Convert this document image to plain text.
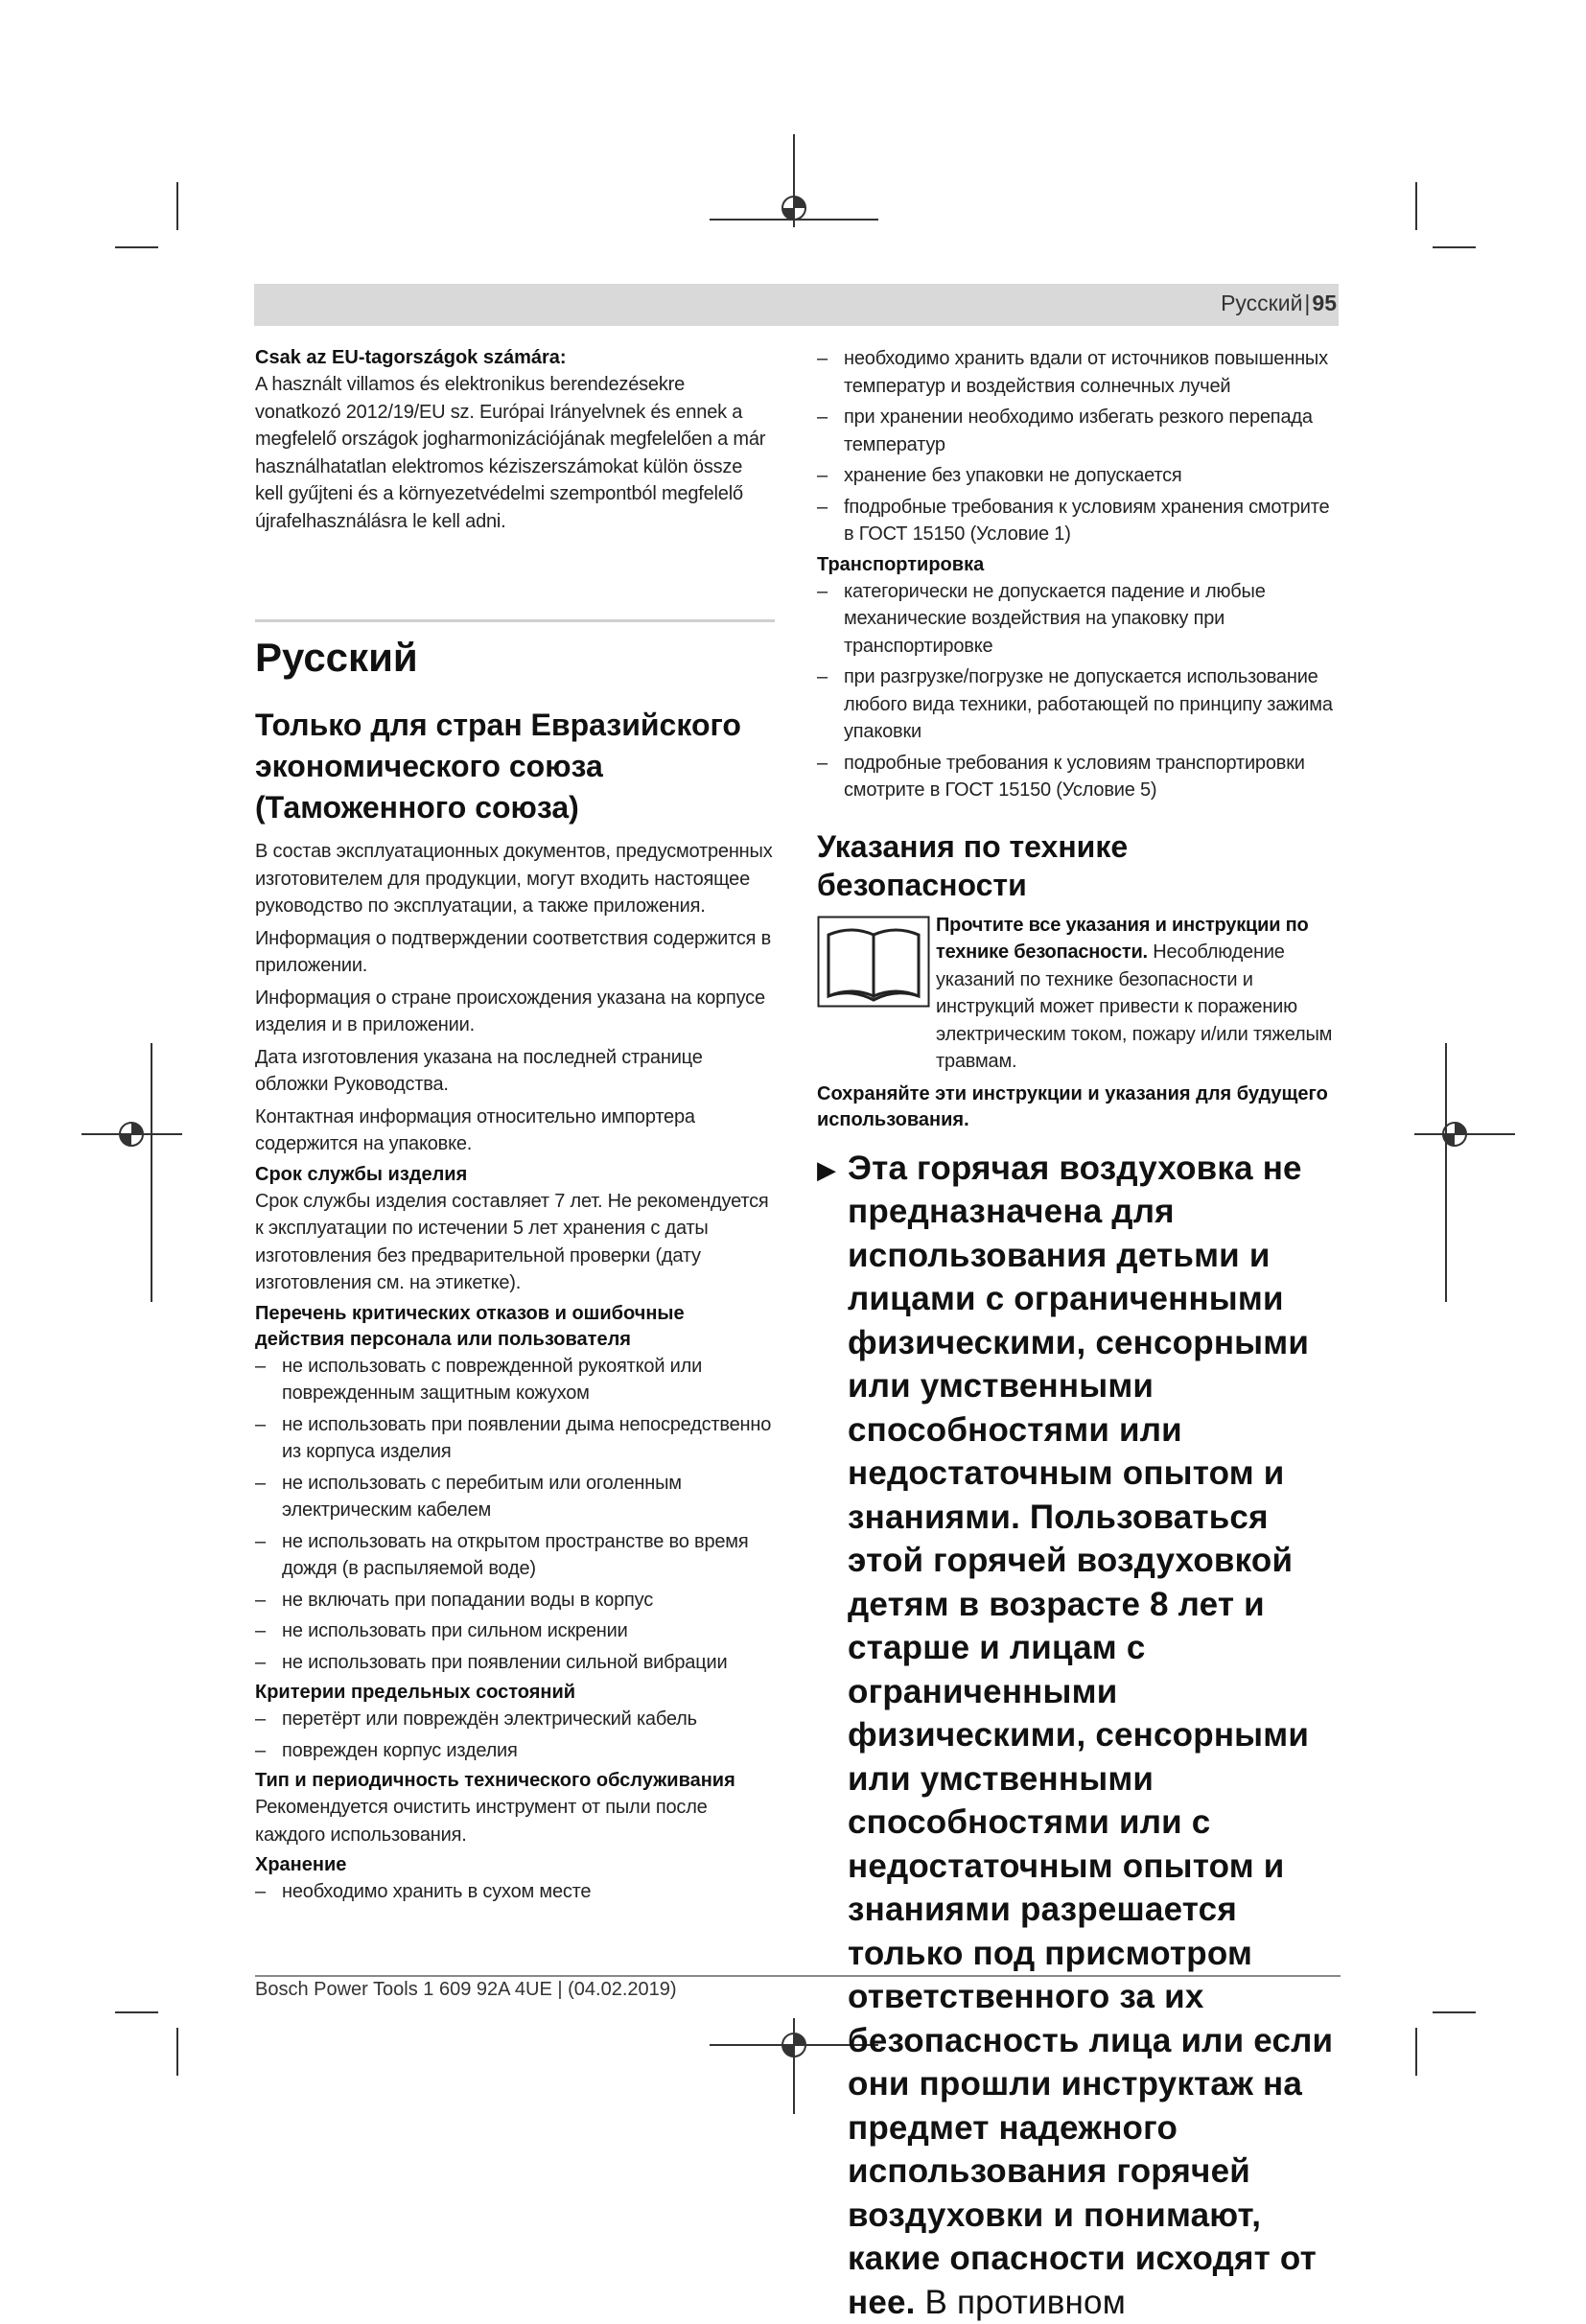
Русский|95

Csak az EU-tagországok számára:

A használt villamos és elektronikus berendezésekre vonatkozó 2012/19/EU sz. Európai Irányelvnek és ennek a megfelelő országok jogharmonizációjának megfelelően a már használhatatlan elektromos kéziszerszámokat külön össze kell gyűjteni és a környezetvédelmi szempontból megfelelő újrafelhasználásra le kell adni.

Русский
Только для стран Евразийского экономического союза (Таможенного союза)

В состав эксплуатационных документов, предусмотренных изготовителем для продукции, могут входить настоящее руководство по эксплуатации, а также приложения.

Информация о подтверждении соответствия содержится в приложении.

Информация о стране происхождения указана на корпусе изделия и в приложении.

Дата изготовления указана на последней странице обложки Руководства.

Контактная информация относительно импортера содержится на упаковке.

Срок службы изделия

Срок службы изделия составляет 7 лет. Не рекомендуется к эксплуатации по истечении 5 лет хранения с даты изготовления без предварительной проверки (дату изготовления см. на этикетке).

Перечень критических отказов и ошибочные действия персонала или пользователя

– не использовать с поврежденной рукояткой или поврежденным защитным кожухом
– не использовать при появлении дыма непосредственно из корпуса изделия
– не использовать с перебитым или оголенным электрическим кабелем
– не использовать на открытом пространстве во время дождя (в распыляемой воде)
– не включать при попадании воды в корпус
– не использовать при сильном искрении
– не использовать при появлении сильной вибрации

Критерии предельных состояний

– перетёрт или повреждён электрический кабель
– поврежден корпус изделия

Тип и периодичность технического обслуживания

Рекомендуется очистить инструмент от пыли после каждого использования.

Хранение

– необходимо хранить в сухом месте
– необходимо хранить вдали от источников повышенных температур и воздействия солнечных лучей
– при хранении необходимо избегать резкого перепада температур
– хранение без упаковки не допускается
– fподробные требования к условиям хранения смотрите в ГОСТ 15150 (Условие 1)

Транспортировка

– категорически не допускается падение и любые механические воздействия на упаковку при транспортировке
– при разгрузке/погрузке не допускается использование любого вида техники, работающей по принципу зажима упаковки
– подробные требования к условиям транспортировки смотрите в ГОСТ 15150 (Условие 5)
Указания по технике безопасности

Прочтите все указания и инструкции по технике безопасности. Несоблюдение указаний по технике безопасности и инструкций может привести к поражению электрическим током, пожару и/или тяжелым травмам.

Сохраняйте эти инструкции и указания для будущего использования.

▶ Эта горячая воздуховка не предназначена для использования детьми и лицами с ограниченными физическими, сенсорными или умственными способностями или недостаточным опытом и знаниями. Пользоваться этой горячей воздуховкой детям в возрасте 8 лет и старше и лицам с ограниченными физическими, сенсорными или умственными способностями или с недостаточным опытом и знаниями разрешается только под присмотром ответственного за их безопасность лица или если они прошли инструктаж на предмет надежного использования горячей воздуховки и понимают, какие опасности исходят от нее. В противном
Bosch Power Tools 1 609 92A 4UE | (04.02.2019)
